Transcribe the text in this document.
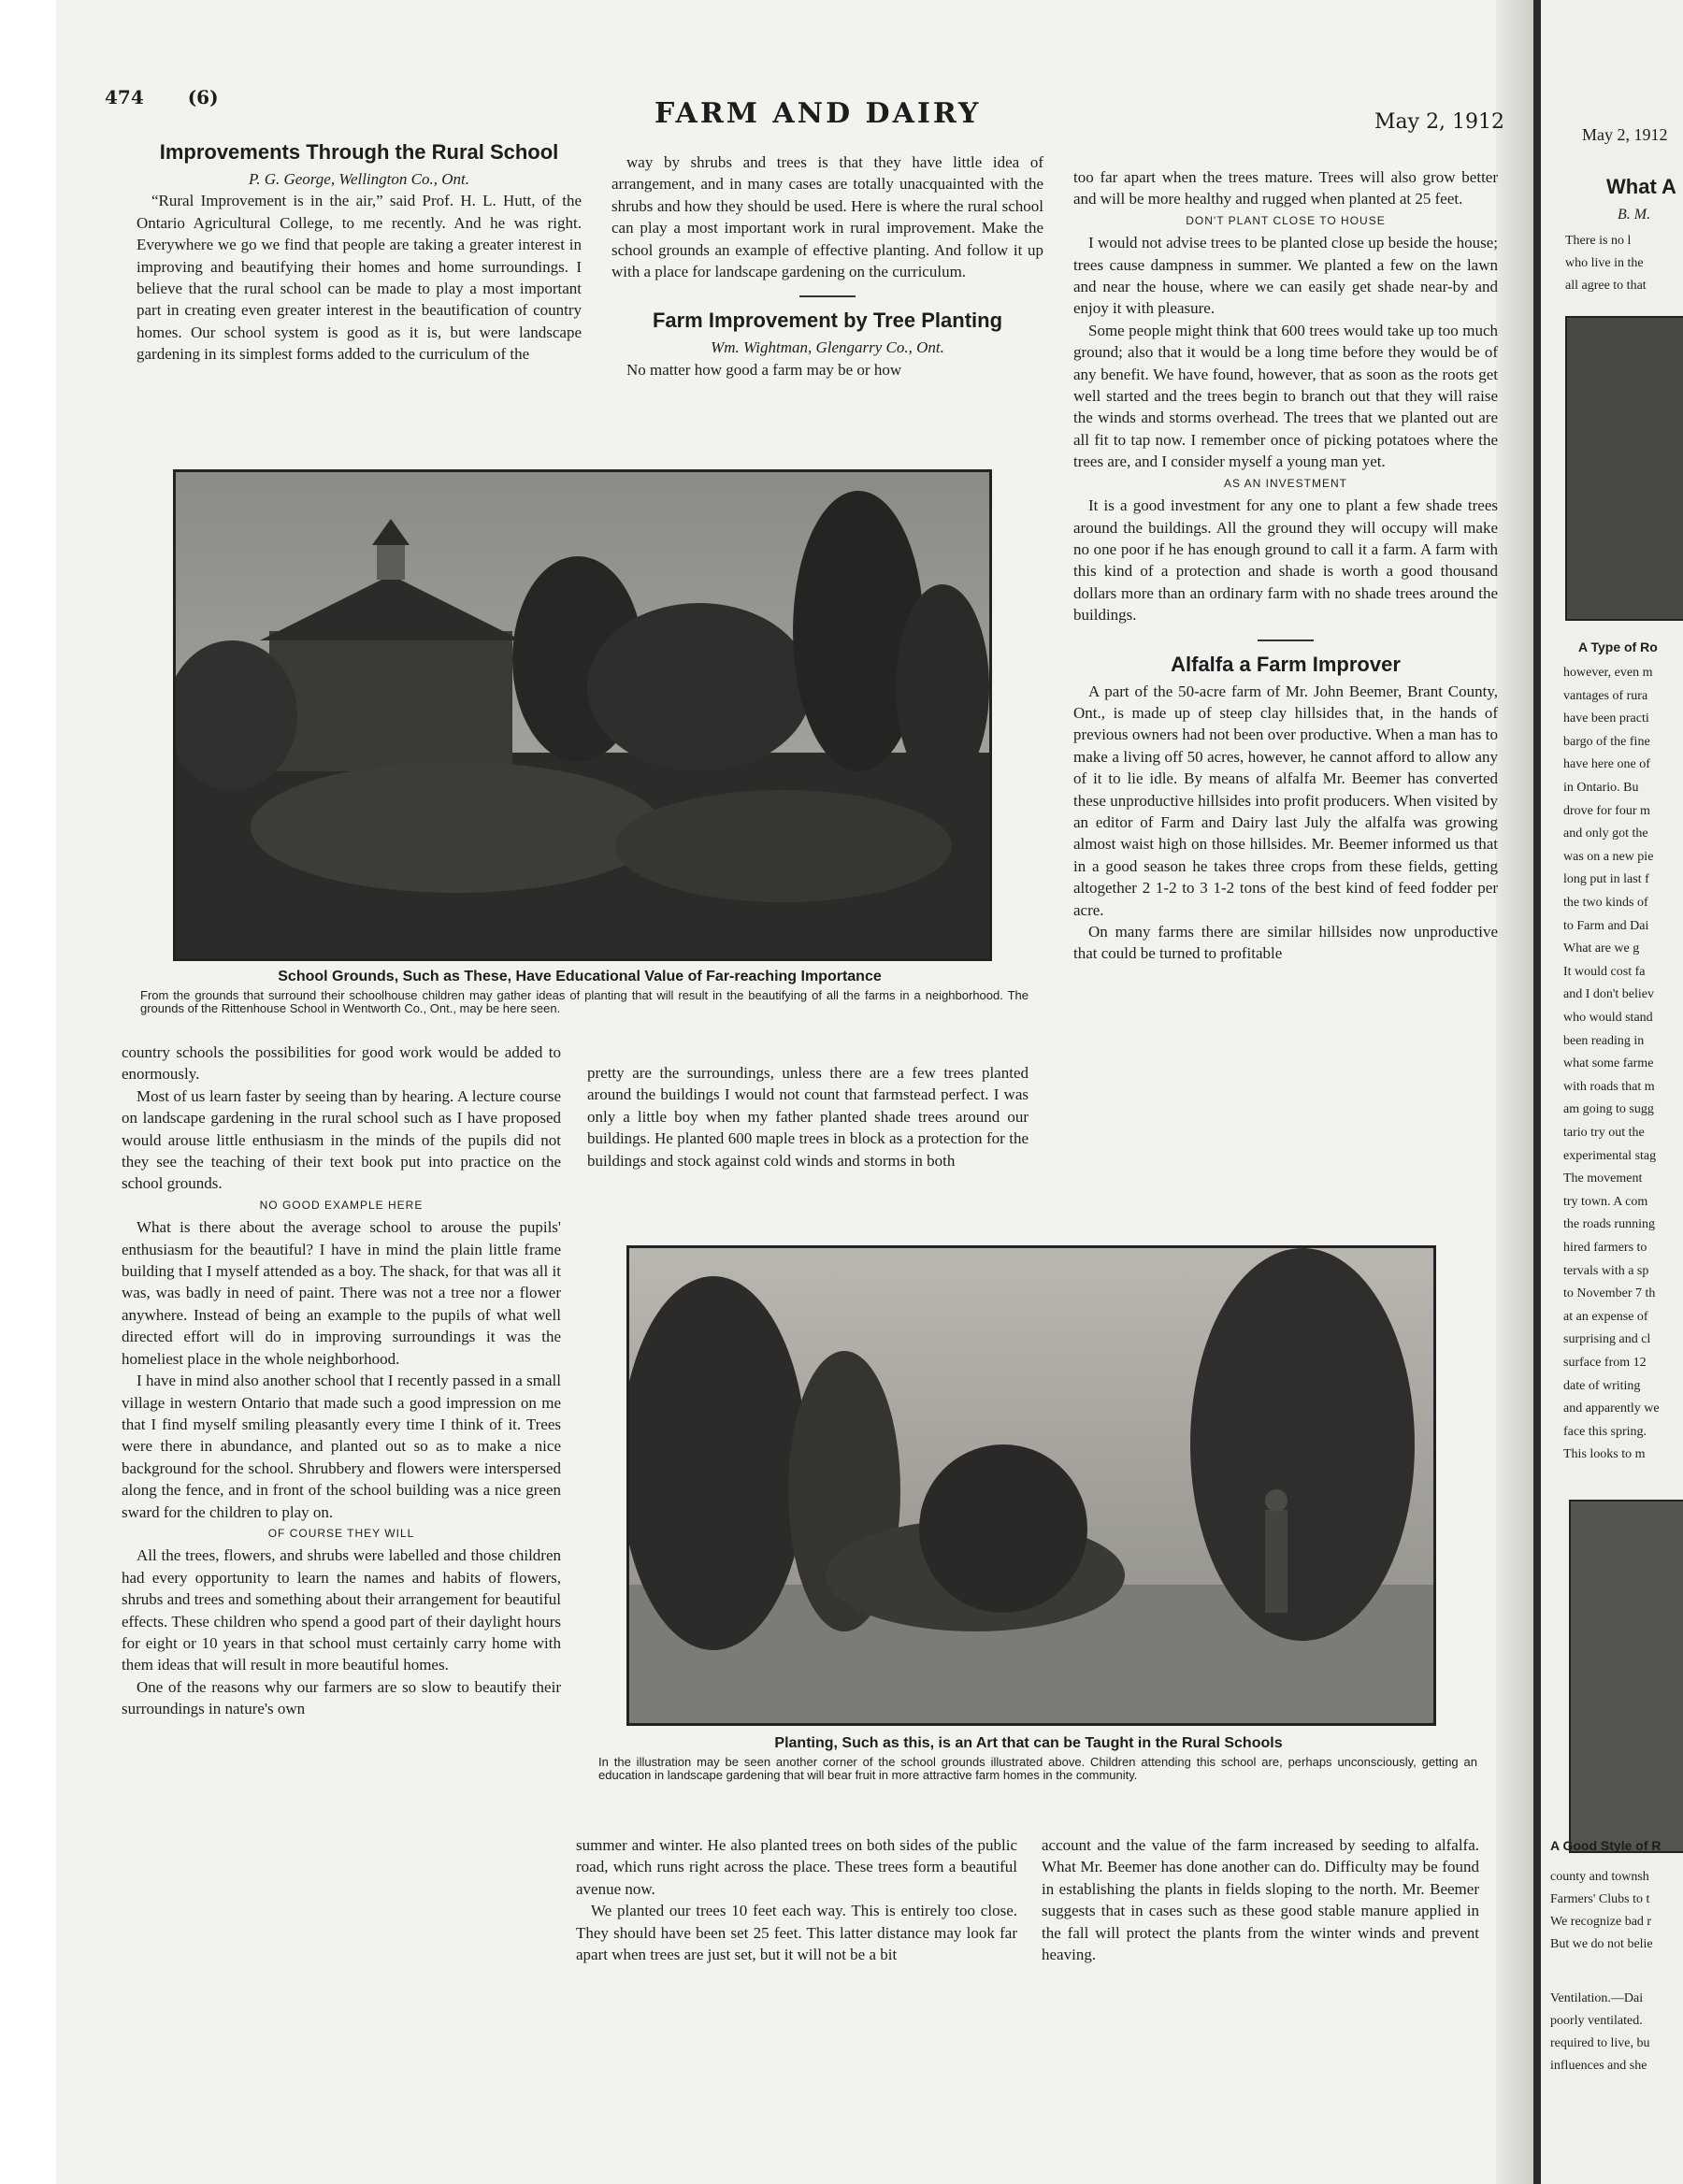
474 (6)	FARM AND DAIRY	May 2, 1912
Improvements Through the Rural School

P. G. George, Wellington Co., Ont.

“Rural Improvement is in the air,” said Prof. H. L. Hutt, of the Ontario Agricultural College, to me recently. And he was right. Everywhere we go we find that people are taking a greater interest in improving and beautifying their homes and home surroundings. I believe that the rural school can be made to play a most important part in creating even greater interest in the beautification of country homes. Our school system is good as it is, but were landscape gardening in its simplest forms added to the curriculum of the

way by shrubs and trees is that they have little idea of arrangement, and in many cases are totally unacquainted with the shrubs and how they should be used. Here is where the rural school can play a most important work in rural improvement. Make the school grounds an example of effective planting. And follow it up with a place for landscape gardening on the curriculum.

Farm Improvement by Tree Planting

Wm. Wightman, Glengarry Co., Ont.

No matter how good a farm may be or how

too far apart when the trees mature. Trees will also grow better and will be more healthy and rugged when planted at 25 feet.

DON'T PLANT CLOSE TO HOUSE

I would not advise trees to be planted close up beside the house; trees cause dampness in summer. We planted a few on the lawn and near the house, where we can easily get shade near-by and enjoy it with pleasure.

Some people might think that 600 trees would take up too much ground; also that it would be a long time before they would be of any benefit. We have found, however, that as soon as the roots get well started and the trees begin to branch out that they will raise the winds and storms overhead. The trees that we planted out are all fit to tap now. I remember once of picking potatoes where the trees are, and I consider myself a young man yet.

AS AN INVESTMENT

It is a good investment for any one to plant a few shade trees around the buildings. All the ground they will occupy will make no one poor if he has enough ground to call it a farm. A farm with this kind of a protection and shade is worth a good thousand dollars more than an ordinary farm with no shade trees around the buildings.

Alfalfa a Farm Improver

A part of the 50-acre farm of Mr. John Beemer, Brant County, Ont., is made up of steep clay hillsides that, in the hands of previous owners had not been over productive. When a man has to make a living off 50 acres, however, he cannot afford to allow any of it to lie idle. By means of alfalfa Mr. Beemer has converted these unproductive hillsides into profit producers. When visited by an editor of Farm and Dairy last July the alfalfa was growing almost waist high on those hillsides. Mr. Beemer informed us that in a good season he takes three crops from these fields, getting altogether 2 1-2 to 3 1-2 tons of the best kind of feed fodder per acre.

On many farms there are similar hillsides now unproductive that could be turned to profitable

School Grounds, Such as These, Have Educational Value of Far-reaching Importance
From the grounds that surround their schoolhouse children may gather ideas of planting that will result in the beautifying of all the farms in a neighborhood. The grounds of the Rittenhouse School in Wentworth Co., Ont., may be here seen.

country schools the possibilities for good work would be added to enormously.

Most of us learn faster by seeing than by hearing. A lecture course on landscape gardening in the rural school such as I have proposed would arouse little enthusiasm in the minds of the pupils did not they see the teaching of their text book put into practice on the school grounds.

NO GOOD EXAMPLE HERE

What is there about the average school to arouse the pupils' enthusiasm for the beautiful? I have in mind the plain little frame building that I myself attended as a boy. The shack, for that was all it was, was badly in need of paint. There was not a tree nor a flower anywhere. Instead of being an example to the pupils of what well directed effort will do in improving surroundings it was the homeliest place in the whole neighborhood.

I have in mind also another school that I recently passed in a small village in western Ontario that made such a good impression on me that I find myself smiling pleasantly every time I think of it. Trees were there in abundance, and planted out so as to make a nice background for the school. Shrubbery and flowers were interspersed along the fence, and in front of the school building was a nice green sward for the children to play on.

OF COURSE THEY WILL

All the trees, flowers, and shrubs were labelled and those children had every opportunity to learn the names and habits of flowers, shrubs and trees and something about their arrangement for beautiful effects. These children who spend a good part of their daylight hours for eight or 10 years in that school must certainly carry home with them ideas that will result in more beautiful homes.

One of the reasons why our farmers are so slow to beautify their surroundings in nature's own

pretty are the surroundings, unless there are a few trees planted around the buildings I would not count that farmstead perfect. I was only a little boy when my father planted shade trees around our buildings. He planted 600 maple trees in block as a protection for the buildings and stock against cold winds and storms in both

Planting, Such as this, is an Art that can be Taught in the Rural Schools
In the illustration may be seen another corner of the school grounds illustrated above. Children attending this school are, perhaps unconsciously, getting an education in landscape gardening that will bear fruit in more attractive farm homes in the community.

summer and winter. He also planted trees on both sides of the public road, which runs right across the place. These trees form a beautiful avenue now.

We planted our trees 10 feet each way. This is entirely too close. They should have been set 25 feet. This latter distance may look far apart when trees are just set, but it will not be a bit

account and the value of the farm increased by seeding to alfalfa. What Mr. Beemer has done another can do. Difficulty may be found in establishing the plants in fields sloping to the north. Mr. Beemer suggests that in cases such as these good stable manure applied in the fall will protect the plants from the winter winds and prevent heaving.

May 2, 1912
What A
B. M.
There is no l
who live in the
all agree to that
A Type of Ro
however, even m
vantages of rura
have been practi
bargo of the fine
have here one of
in Ontario. Bu
drove for four m
and only got the
was on a new pie
long put in last f
the two kinds of
to Farm and Dai
What are we g
It would cost fa
and I don't believ
who would stand
been reading in
what some farme
with roads that m
am going to sugg
tario try out the
experimental stag
The movement
try town. A com
the roads running
hired farmers to
tervals with a sp
to November 7 th
at an expense of
surprising and cl
surface from 12
date of writing
and apparently we
face this spring.
This looks to m
A Good Style of R
county and townsh
Farmers' Clubs to t
We recognize bad r
But we do not belie
Ventilation.—Dai
poorly ventilated.
required to live, bu
influences and she
